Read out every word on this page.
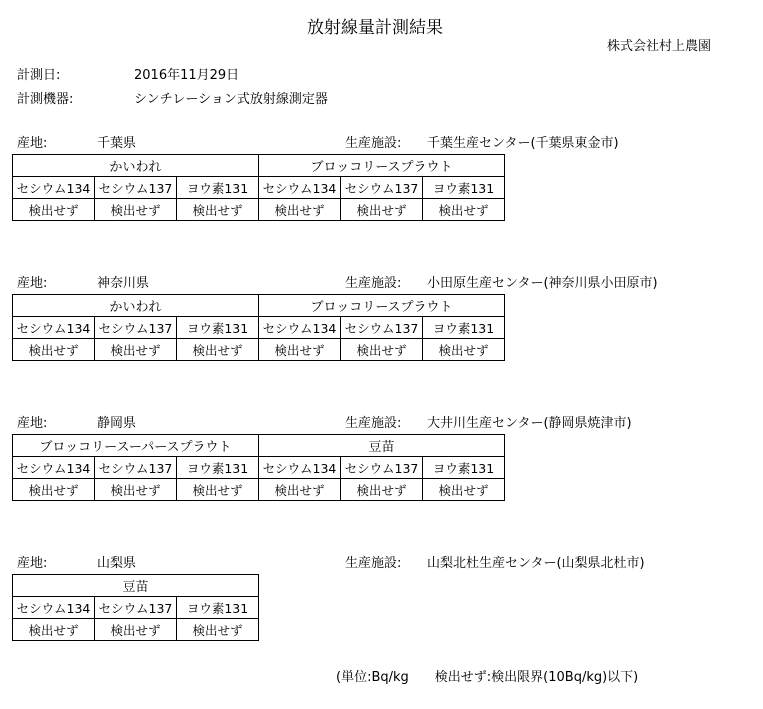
放射線量計測結果
株式会社村上農園
計測日:	2016年11月29日
計測機器:	シンチレーション式放射線測定器
産地:	千葉県	生産施設: 千葉生産センター(千葉県東金市)
かいわれ			ブロッコリースプラウト		
セシウム134	セシウム137	ヨウ素131	セシウム134	セシウム137	ヨウ素131
検出せず	検出せず	検出せず	検出せず	検出せず	検出せず
産地:	神奈川県	生産施設: 小田原生産センター(神奈川県小田原市)
かいわれ			ブロッコリースプラウト		
セシウム134	セシウム137	ヨウ素131	セシウム134	セシウム137	ヨウ素131
検出せず	検出せず	検出せず	検出せず	検出せず	検出せず
産地:	静岡県	生産施設: 大井川生産センター(静岡県焼津市)
ブロッコリースーパースプラウト			豆苗		
セシウム134	セシウム137	ヨウ素131	セシウム134	セシウム137	ヨウ素131
検出せず	検出せず	検出せず	検出せず	検出せず	検出せず
産地:	山梨県	生産施設: 山梨北杜生産センター(山梨県北杜市)
豆苗		
セシウム134	セシウム137	ヨウ素131
検出せず	検出せず	検出せず
(単位:Bq/kg　　検出せず:検出限界(10Bq/kg)以下)
